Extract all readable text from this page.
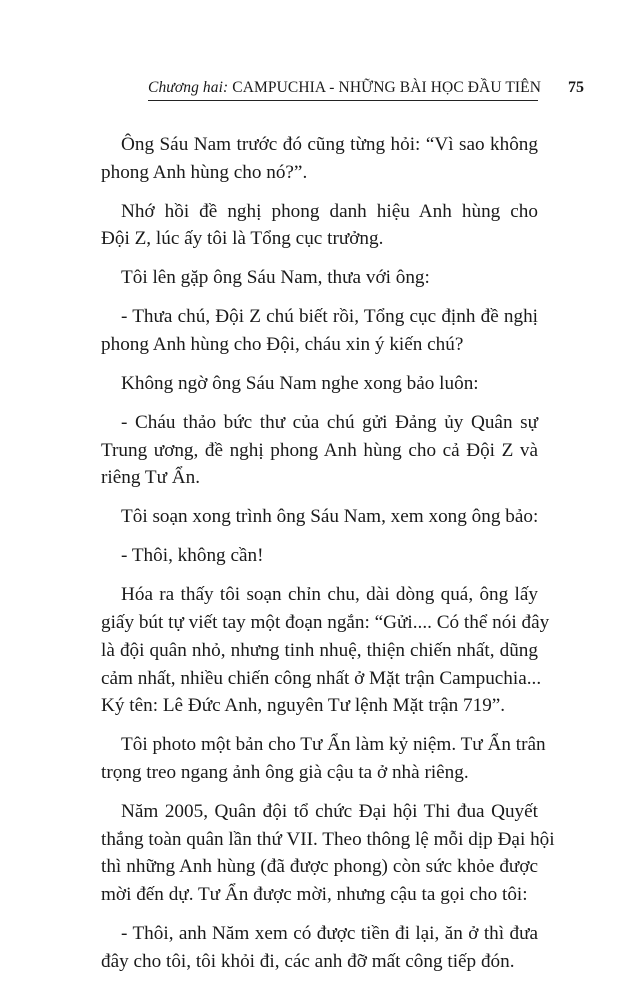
Chương hai: CAMPUCHIA - NHỮNG BÀI HỌC ĐẦU TIÊN 75

Ông Sáu Nam trước đó cũng từng hỏi: “Vì sao không
phong Anh hùng cho nó?”.

Nhớ hồi đề nghị phong danh hiệu Anh hùng cho
Đội Z, lúc ấy tôi là Tổng cục trưởng.

Tôi lên gặp ông Sáu Nam, thưa với ông:

- Thưa chú, Đội Z chú biết rồi, Tổng cục định đề nghị
phong Anh hùng cho Đội, cháu xin ý kiến chú?

Không ngờ ông Sáu Nam nghe xong bảo luôn:

- Cháu thảo bức thư của chú gửi Đảng ủy Quân sự
Trung ương, đề nghị phong Anh hùng cho cả Đội Z và
riêng Tư Ẩn.

Tôi soạn xong trình ông Sáu Nam, xem xong ông bảo:

- Thôi, không cần!

Hóa ra thấy tôi soạn chỉn chu, dài dòng quá, ông lấy
giấy bút tự viết tay một đoạn ngắn: “Gửi.... Có thể nói đây
là đội quân nhỏ, nhưng tinh nhuệ, thiện chiến nhất, dũng
cảm nhất, nhiều chiến công nhất ở Mặt trận Campuchia...
Ký tên: Lê Đức Anh, nguyên Tư lệnh Mặt trận 719”.

Tôi photo một bản cho Tư Ẩn làm kỷ niệm. Tư Ẩn trân
trọng treo ngang ảnh ông già cậu ta ở nhà riêng.

Năm 2005, Quân đội tổ chức Đại hội Thi đua Quyết
thắng toàn quân lần thứ VII. Theo thông lệ mỗi dịp Đại hội
thì những Anh hùng (đã được phong) còn sức khỏe được
mời đến dự. Tư Ẩn được mời, nhưng cậu ta gọi cho tôi:

- Thôi, anh Năm xem có được tiền đi lại, ăn ở thì đưa
đây cho tôi, tôi khỏi đi, các anh đỡ mất công tiếp đón.
